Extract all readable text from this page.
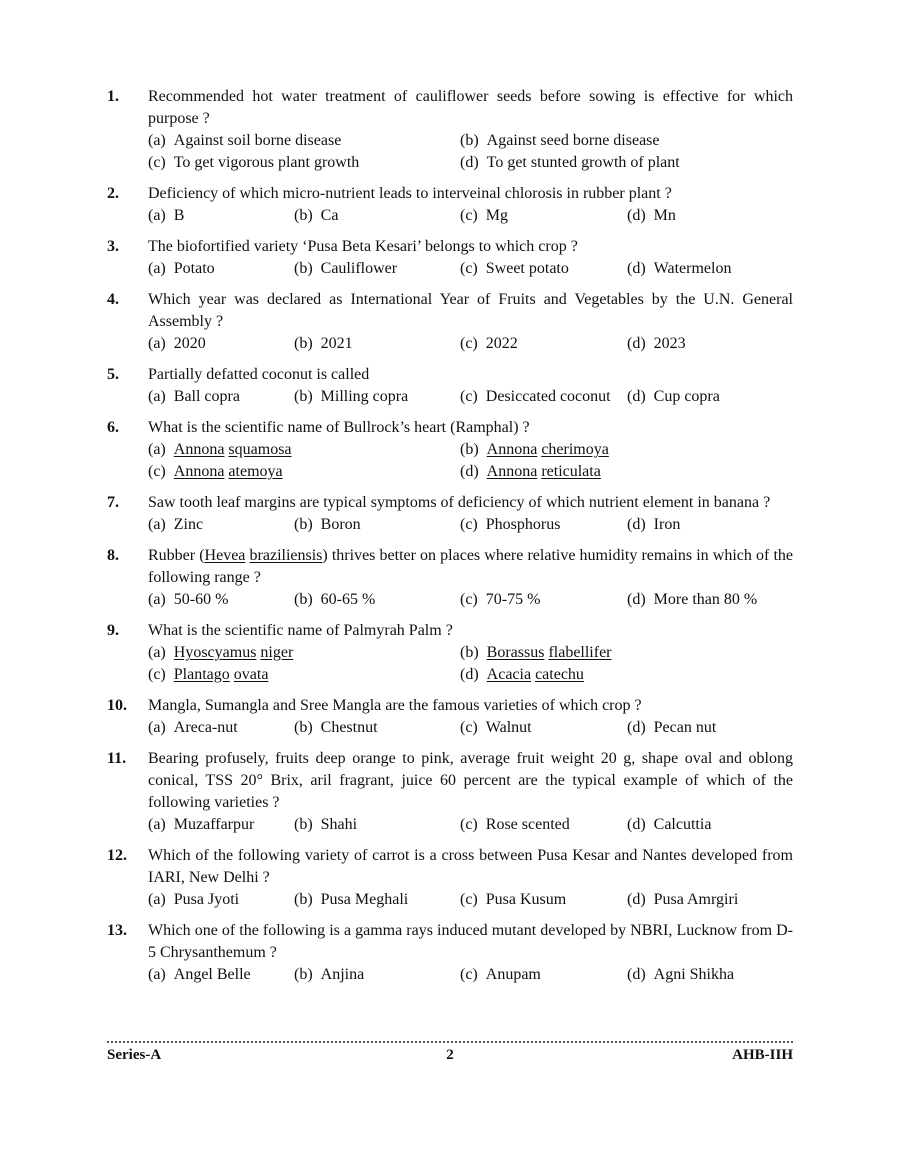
1.	Recommended hot water treatment of cauliflower seeds before sowing is effective for which purpose ?
(a) Against soil borne disease	(b) Against seed borne disease
(c) To get vigorous plant growth	(d) To get stunted growth of plant
2.	Deficiency of which micro-nutrient leads to interveinal chlorosis in rubber plant ?
(a) B	(b) Ca	(c) Mg	(d) Mn
3.	The biofortified variety ‘Pusa Beta Kesari’ belongs to which crop ?
(a) Potato	(b) Cauliflower	(c) Sweet potato	(d) Watermelon
4.	Which year was declared as International Year of Fruits and Vegetables by the U.N. General Assembly ?
(a) 2020	(b) 2021	(c) 2022	(d) 2023
5.	Partially defatted coconut is called
(a) Ball copra	(b) Milling copra	(c) Desiccated coconut	(d) Cup copra
6.	What is the scientific name of Bullrock’s heart (Ramphal) ?
(a) Annona squamosa	(b) Annona cherimoya
(c) Annona atemoya	(d) Annona reticulata
7.	Saw tooth leaf margins are typical symptoms of deficiency of which nutrient element in banana ?
(a) Zinc	(b) Boron	(c) Phosphorus	(d) Iron
8.	Rubber (Hevea braziliensis) thrives better on places where relative humidity remains in which of the following range ?
(a) 50-60 %	(b) 60-65 %	(c) 70-75 %	(d) More than 80 %
9.	What is the scientific name of Palmyrah Palm ?
(a) Hyoscyamus niger	(b) Borassus flabellifer
(c) Plantago ovata	(d) Acacia catechu
10.	Mangla, Sumangla and Sree Mangla are the famous varieties of which crop ?
(a) Areca-nut	(b) Chestnut	(c) Walnut	(d) Pecan nut
11.	Bearing profusely, fruits deep orange to pink, average fruit weight 20 g, shape oval and oblong conical, TSS 20° Brix, aril fragrant, juice 60 percent are the typical example of which of the following varieties ?
(a) Muzaffarpur	(b) Shahi	(c) Rose scented	(d) Calcuttia
12.	Which of the following variety of carrot is a cross between Pusa Kesar and Nantes developed from IARI, New Delhi ?
(a) Pusa Jyoti	(b) Pusa Meghali	(c) Pusa Kusum	(d) Pusa Amrgiri
13.	Which one of the following is a gamma rays induced mutant developed by NBRI, Lucknow from D-5 Chrysanthemum ?
(a) Angel Belle	(b) Anjina	(c) Anupam	(d) Agni Shikha
Series-A	2	AHB-IIH
